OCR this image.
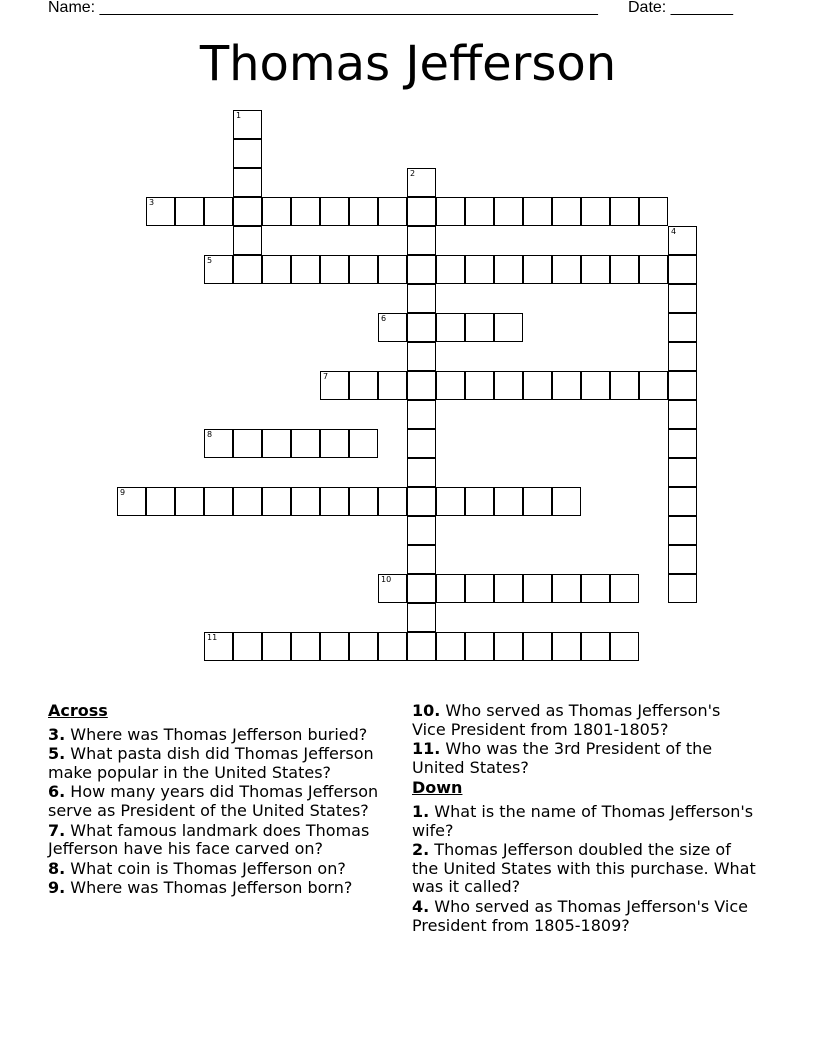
Name: ________________________________________________________ Date: _______
Thomas Jefferson
1
2
3
4
5
6
7
8
9
10
11
Across
3. Where was Thomas Jefferson buried?
5. What pasta dish did Thomas Jefferson make popular in the United States?
6. How many years did Thomas Jefferson serve as President of the United States?
7. What famous landmark does Thomas Jefferson have his face carved on?
8. What coin is Thomas Jefferson on?
9. Where was Thomas Jefferson born?
10. Who served as Thomas Jefferson's Vice President from 1801-1805?
11. Who was the 3rd President of the United States?
Down
1. What is the name of Thomas Jefferson's wife?
2. Thomas Jefferson doubled the size of the United States with this purchase. What was it called?
4. Who served as Thomas Jefferson's Vice President from 1805-1809?
